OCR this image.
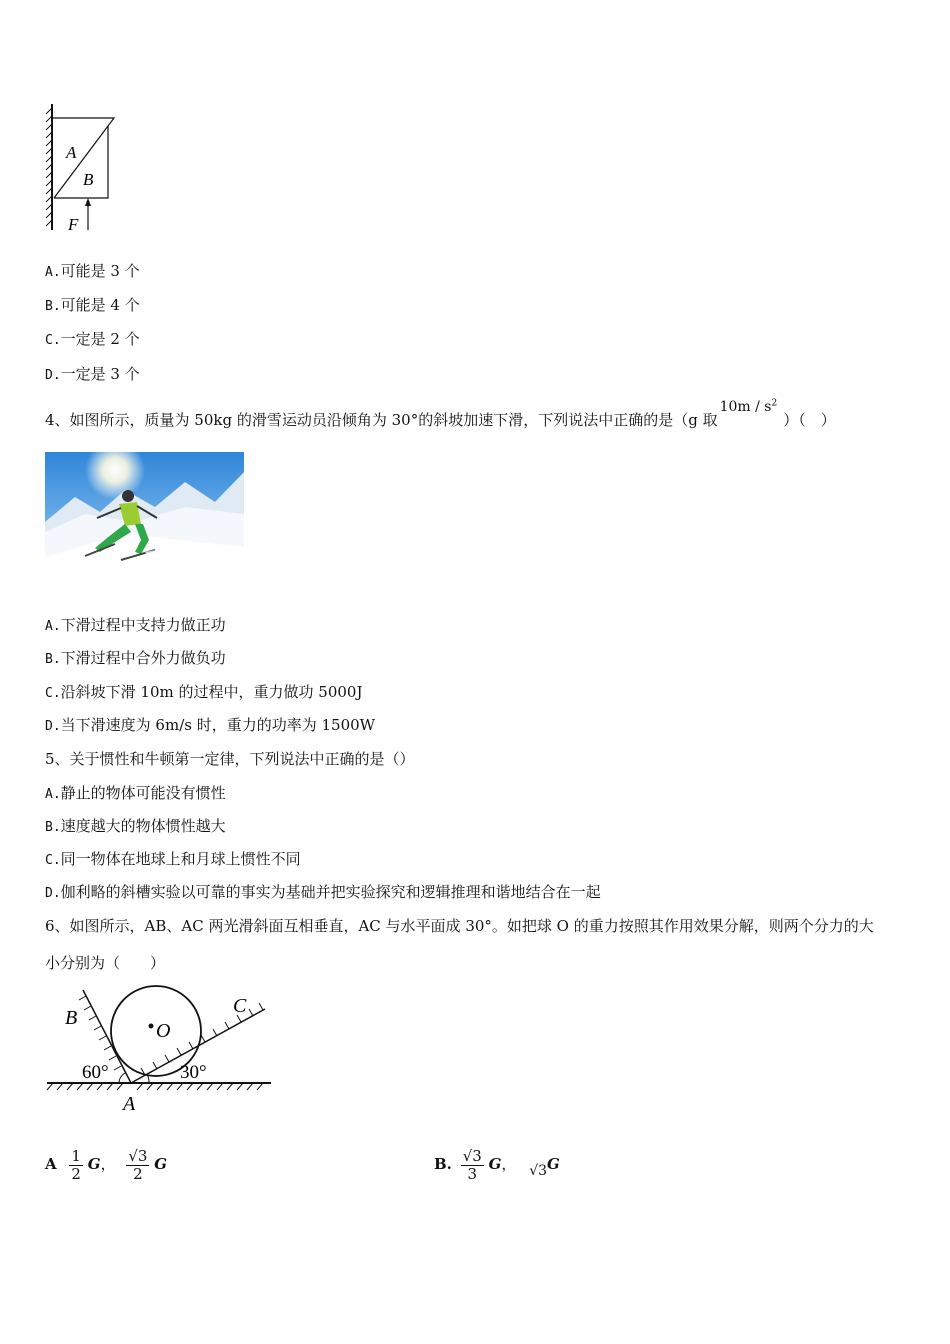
A
B
F
A.可能是 3 个
B.可能是 4 个
C.一定是 2 个
D.一定是 3 个
4、如图所示，质量为 50kg 的滑雪运动员沿倾角为 30°的斜坡加速下滑，下列说法中正确的是（g 取$10m / s^2$）（　）
A.下滑过程中支持力做正功
B.下滑过程中合外力做负功
C.沿斜坡下滑 10m 的过程中，重力做功 5000J
D.当下滑速度为 6m/s 时，重力的功率为 1500W
5、关于惯性和牛顿第一定律，下列说法中正确的是（）
A.静止的物体可能没有惯性
B.速度越大的物体惯性越大
C.同一物体在地球上和月球上惯性不同
D.伽利略的斜槽实验以可靠的事实为基础并把实验探究和逻辑推理和谐地结合在一起
6、如图所示，AB、AC 两光滑斜面互相垂直，AC 与水平面成 30°。如把球 O 的重力按照其作用效果分解，则两个分力的大
小分别为（　　）
B
C
O
A
60°	30°
A $\frac{1}{2}$ G， $\frac{√3}{2}$ G	B. $\frac{√3}{3}$ G， √3G
